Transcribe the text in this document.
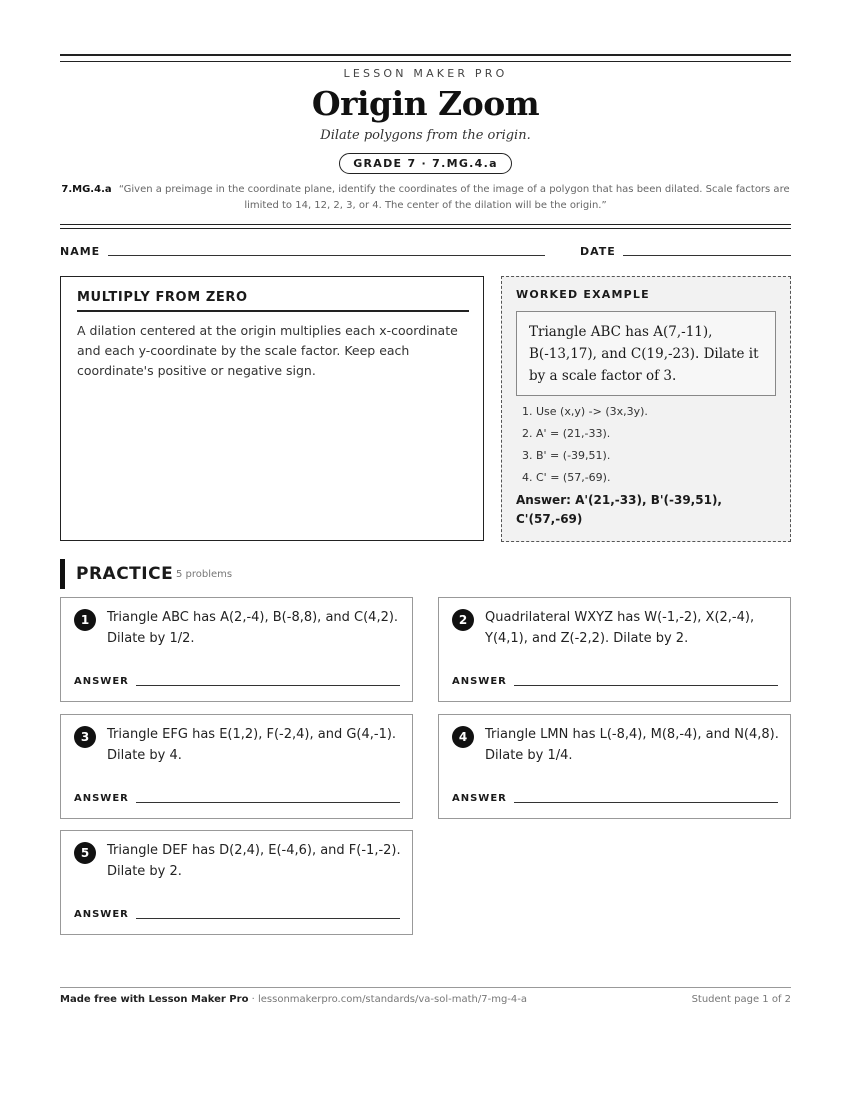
LESSON MAKER PRO
Origin Zoom
Dilate polygons from the origin.
GRADE 7 · 7.MG.4.a
7.MG.4.a “Given a preimage in the coordinate plane, identify the coordinates of the image of a polygon that has been dilated. Scale factors are limited to 14, 12, 2, 3, or 4. The center of the dilation will be the origin.”
NAME	DATE
MULTIPLY FROM ZERO
A dilation centered at the origin multiplies each x-coordinate and each y-coordinate by the scale factor. Keep each coordinate's positive or negative sign.
WORKED EXAMPLE
Triangle ABC has A(7,-11), B(-13,17), and C(19,-23). Dilate it by a scale factor of 3.
1. Use (x,y) -> (3x,3y).
2. A' = (21,-33).
3. B' = (-39,51).
4. C' = (57,-69).
Answer: A'(21,-33), B'(-39,51), C'(57,-69)
PRACTICE 5 problems
1	Triangle ABC has A(2,-4), B(-8,8), and C(4,2). Dilate by 1/2.
ANSWER
2	Quadrilateral WXYZ has W(-1,-2), X(2,-4), Y(4,1), and Z(-2,2). Dilate by 2.
ANSWER
3	Triangle EFG has E(1,2), F(-2,4), and G(4,-1). Dilate by 4.
ANSWER
4	Triangle LMN has L(-8,4), M(8,-4), and N(4,8). Dilate by 1/4.
ANSWER
5	Triangle DEF has D(2,4), E(-4,6), and F(-1,-2). Dilate by 2.
ANSWER
Made free with Lesson Maker Pro · lessonmakerpro.com/standards/va-sol-math/7-mg-4-a	Student page 1 of 2
